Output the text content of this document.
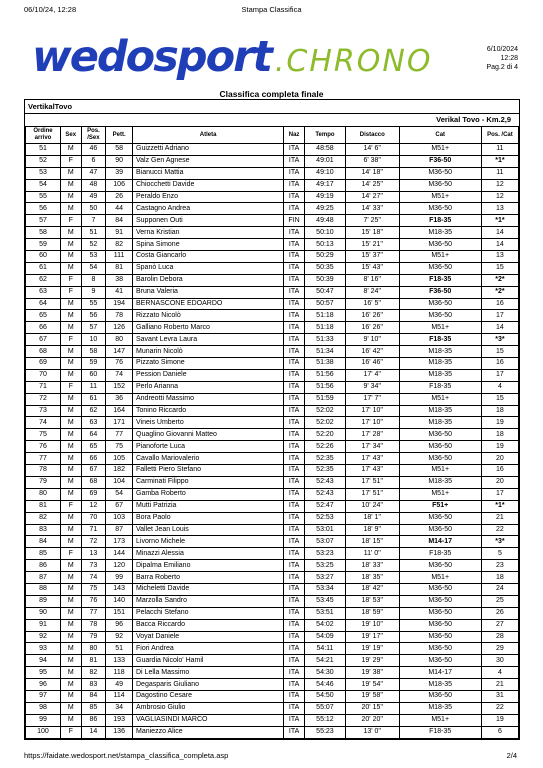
06/10/24, 12:28	Stampa Classifica
wedosport .CHRONO	6/10/2024
12:28
Pag.2 di 4
Classifica completa finale
VertikalTovo
Verikal Tovo - Km.2,9
Ordine arrivo	Sex	Pos. /Sex	Pett.	Atleta	Naz	Tempo	Distacco	Cat	Pos. /Cat
51	M	46	58	Guizzetti Adriano	ITA	48:58	14' 6''	M51+	11
52	F	6	90	Valz Gen Agnese	ITA	49:01	6' 38''	F36-50	*1*
53	M	47	39	Bianucci Mattia	ITA	49:10	14' 18''	M36-50	11
54	M	48	106	Chiocchetti Davide	ITA	49:17	14' 25''	M36-50	12
55	M	49	26	Peraldo Enzo	ITA	49:19	14' 27''	M51+	12
56	M	50	44	Castagno Andrea	ITA	49:25	14' 33''	M36-50	13
57	F	7	84	Supponen Outi	FIN	49:48	7' 25''	F18-35	*1*
58	M	51	91	Verna Kristian	ITA	50:10	15' 18''	M18-35	14
59	M	52	82	Spina Simone	ITA	50:13	15' 21''	M36-50	14
60	M	53	111	Costa Giancarlo	ITA	50:29	15' 37''	M51+	13
61	M	54	81	Spanò Luca	ITA	50:35	15' 43''	M36-50	15
62	F	8	38	Barolin Debora	ITA	50:39	8' 16''	F18-35	*2*
63	F	9	41	Bruna Valeria	ITA	50:47	8' 24''	F36-50	*2*
64	M	55	194	BERNASCONE EDOARDO	ITA	50:57	16' 5''	M36-50	16
65	M	56	78	Rizzato Nicolò	ITA	51:18	16' 26''	M36-50	17
66	M	57	126	Galliano Roberto Marco	ITA	51:18	16' 26''	M51+	14
67	F	10	80	Savant Levra Laura	ITA	51:33	9' 10''	F18-35	*3*
68	M	58	147	Munarin Nicolò	ITA	51:34	16' 42''	M18-35	15
69	M	59	76	Pizzato Simone	ITA	51:38	16' 46''	M18-35	16
70	M	60	74	Pession Daniele	ITA	51:56	17' 4''	M18-35	17
71	F	11	152	Perlo Arianna	ITA	51:56	9' 34''	F18-35	4
72	M	61	36	Andreotti Massimo	ITA	51:59	17' 7''	M51+	15
73	M	62	164	Tonino Riccardo	ITA	52:02	17' 10''	M18-35	18
74	M	63	171	Vineis Umberto	ITA	52:02	17' 10''	M18-35	19
75	M	64	77	Quaglino Giovanni Matteo	ITA	52:20	17' 28''	M36-50	18
76	M	65	75	Pianoforte Luca	ITA	52:26	17' 34''	M36-50	19
77	M	66	105	Cavallo Mariovalerio	ITA	52:35	17' 43''	M36-50	20
78	M	67	182	Falletti Piero Stefano	ITA	52:35	17' 43''	M51+	16
79	M	68	104	Carminati Filippo	ITA	52:43	17' 51''	M18-35	20
80	M	69	54	Gamba Roberto	ITA	52:43	17' 51''	M51+	17
81	F	12	67	Mutti Patrizia	ITA	52:47	10' 24''	F51+	*1*
82	M	70	103	Bora Paolo	ITA	52:53	18' 1''	M36-50	21
83	M	71	87	Vallet Jean Louis	ITA	53:01	18' 9''	M36-50	22
84	M	72	173	Livorno Michele	ITA	53:07	18' 15''	M14-17	*3*
85	F	13	144	Minazzi Alessia	ITA	53:23	11' 0''	F18-35	5
86	M	73	120	Dipalma Emiliano	ITA	53:25	18' 33''	M36-50	23
87	M	74	99	Barra Roberto	ITA	53:27	18' 35''	M51+	18
88	M	75	143	Micheletti Davide	ITA	53:34	18' 42''	M36-50	24
89	M	76	140	Marzolla Sandro	ITA	53:45	18' 53''	M36-50	25
90	M	77	151	Pelacchi Stefano	ITA	53:51	18' 59''	M36-50	26
91	M	78	96	Bacca Riccardo	ITA	54:02	19' 10''	M36-50	27
92	M	79	92	Voyat Daniele	ITA	54:09	19' 17''	M36-50	28
93	M	80	51	Fiori Andrea	ITA	54:11	19' 19''	M36-50	29
94	M	81	133	Guardia Nicolo' Hamil	ITA	54:21	19' 29''	M36-50	30
95	M	82	118	Di Lella Massimo	ITA	54:30	19' 38''	M14-17	4
96	M	83	49	Degasparis Giuliano	ITA	54:46	19' 54''	M18-35	21
97	M	84	114	Dagostino Cesare	ITA	54:50	19' 58''	M36-50	31
98	M	85	34	Ambrosio Giulio	ITA	55:07	20' 15''	M18-35	22
99	M	86	193	VAGLIASINDI MARCO	ITA	55:12	20' 20''	M51+	19
100	F	14	136	Maniezzo Alice	ITA	55:23	13' 0''	F18-35	6
https://faidate.wedosport.net/stampa_classifica_completa.asp	2/4
